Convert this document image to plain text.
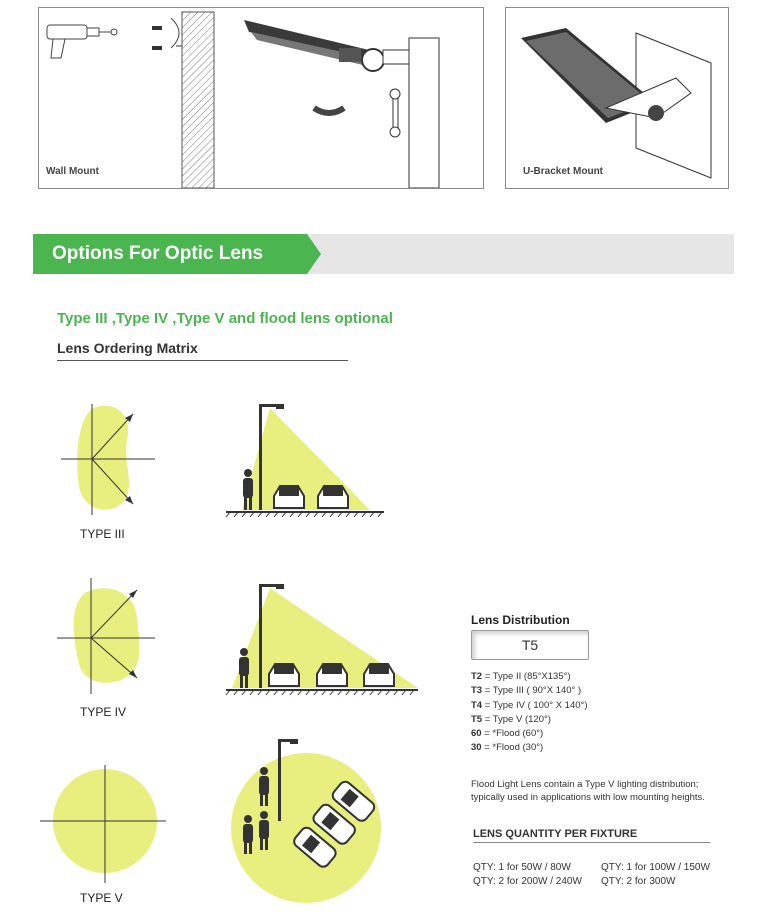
Wall Mount	U-Bracket Mount
Options For Optic Lens
Type III ,Type IV ,Type V and flood lens optional
Lens Ordering Matrix
TYPE III
TYPE IV
TYPE V
Lens Distribution
T5
T2 = Type II (85°X135°)
T3 = Type III ( 90°X 140° )
T4 = Type IV ( 100° X 140°)
T5 = Type V (120°)
60 = *Flood (60°)
30 = *Flood (30°)
Flood Light Lens contain a Type V lighting distribution;
typically used in applications with low mounting heights.
LENS QUANTITY PER FIXTURE
QTY: 1 for 50W / 80W	QTY: 1 for 100W / 150W
QTY: 2 for 200W / 240W QTY: 2 for 300W
